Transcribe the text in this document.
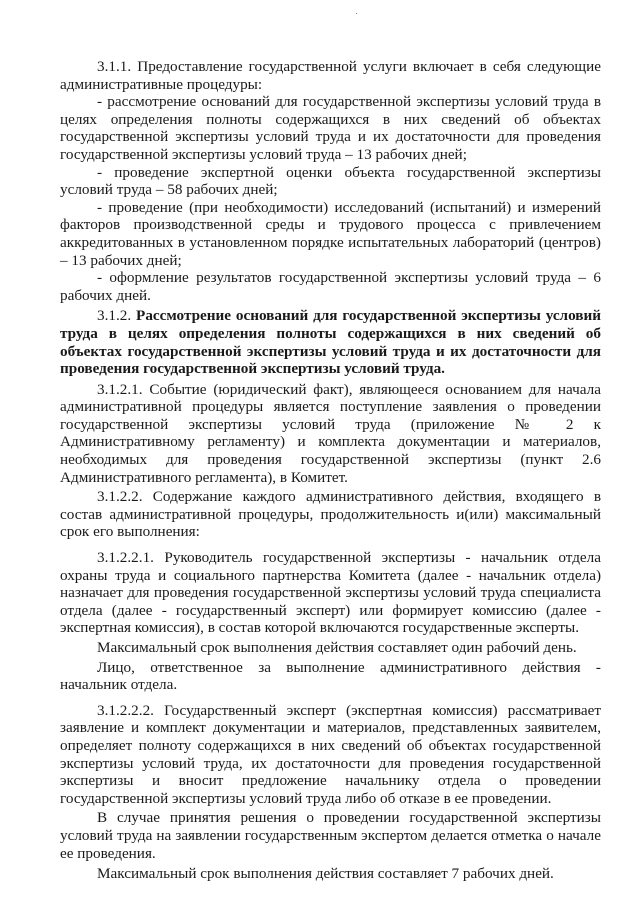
3.1.1. Предоставление государственной услуги включает в себя следующие административные процедуры:

- рассмотрение оснований для государственной экспертизы условий труда в целях определения полноты содержащихся в них сведений об объектах государственной экспертизы условий труда и их достаточности для проведения государственной экспертизы условий труда – 13 рабочих дней;

- проведение экспертной оценки объекта государственной экспертизы условий труда – 58 рабочих дней;

- проведение (при необходимости) исследований (испытаний) и измерений факторов производственной среды и трудового процесса с привлечением аккредитованных в установленном порядке испытательных лабораторий (центров) – 13 рабочих дней;

- оформление результатов государственной экспертизы условий труда – 6 рабочих дней.

3.1.2. Рассмотрение оснований для государственной экспертизы условий труда в целях определения полноты содержащихся в них сведений об объектах государственной экспертизы условий труда и их достаточности для проведения государственной экспертизы условий труда.

3.1.2.1. Событие (юридический факт), являющееся основанием для начала административной процедуры является поступление заявления о проведении государственной экспертизы условий труда (приложение № 2 к Административному регламенту) и комплекта документации и материалов, необходимых для проведения государственной экспертизы (пункт 2.6 Административного регламента), в Комитет.

3.1.2.2. Содержание каждого административного действия, входящего в состав административной процедуры, продолжительность и(или) максимальный срок его выполнения:

3.1.2.2.1. Руководитель государственной экспертизы - начальник отдела охраны труда и социального партнерства Комитета (далее - начальник отдела) назначает для проведения государственной экспертизы условий труда специалиста отдела (далее - государственный эксперт) или формирует комиссию (далее - экспертная комиссия), в состав которой включаются государственные эксперты.

Максимальный срок выполнения действия составляет один рабочий день.

Лицо, ответственное за выполнение административного действия - начальник отдела.

3.1.2.2.2. Государственный эксперт (экспертная комиссия) рассматривает заявление и комплект документации и материалов, представленных заявителем, определяет полноту содержащихся в них сведений об объектах государственной экспертизы условий труда, их достаточности для проведения государственной экспертизы и вносит предложение начальнику отдела о проведении государственной экспертизы условий труда либо об отказе в ее проведении.

В случае принятия решения о проведении государственной экспертизы условий труда на заявлении государственным экспертом делается отметка о начале ее проведения.

Максимальный срок выполнения действия составляет 7 рабочих дней.
